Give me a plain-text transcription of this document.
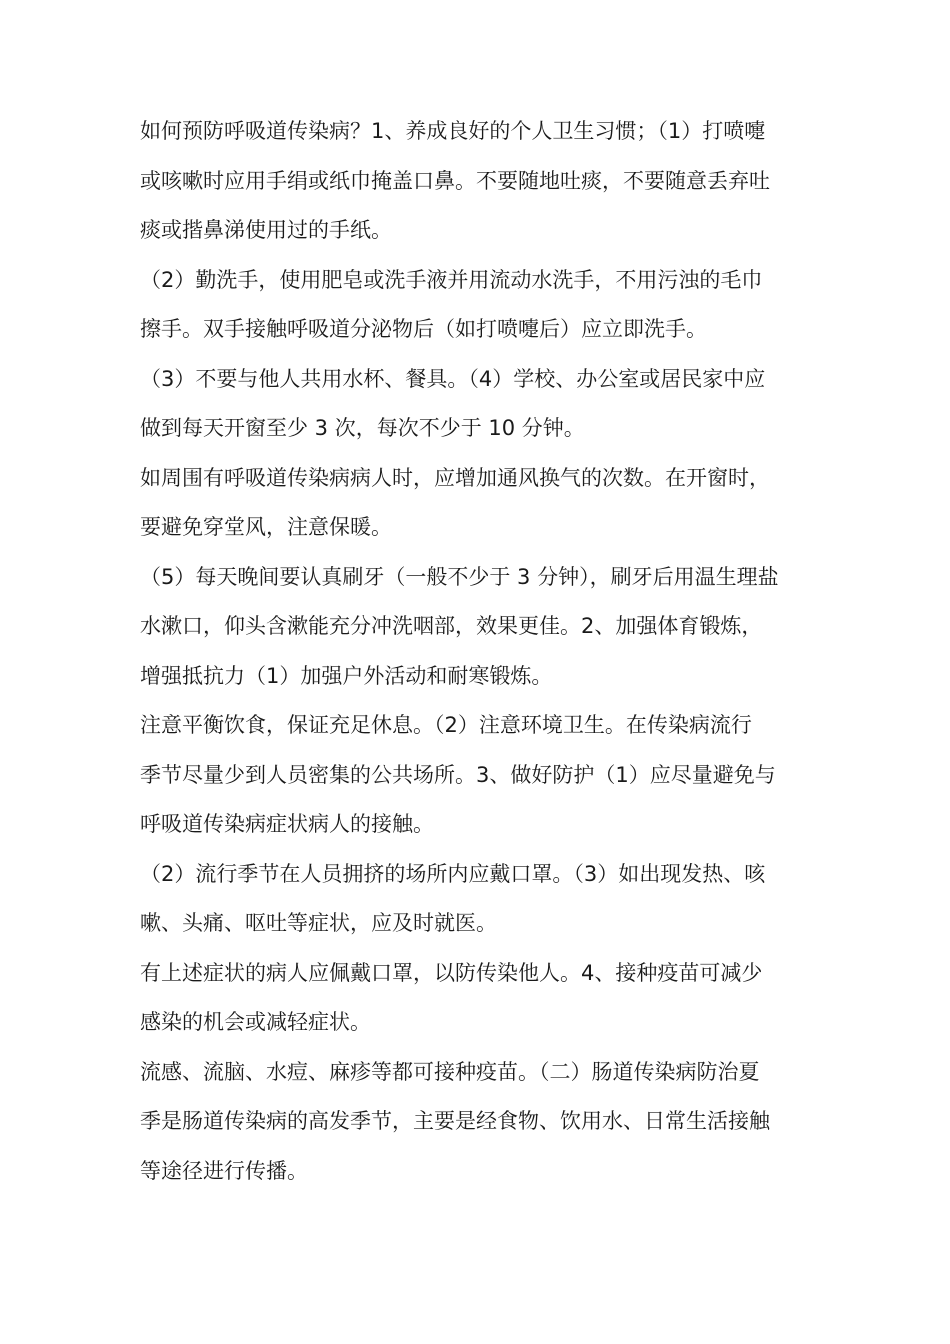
如何预防呼吸道传染病？1、养成良好的个人卫生习惯；（1）打喷嚏
或咳嗽时应用手绢或纸巾掩盖口鼻。不要随地吐痰，不要随意丢弃吐
痰或揩鼻涕使用过的手纸。
（2）勤洗手，使用肥皂或洗手液并用流动水洗手，不用污浊的毛巾
擦手。双手接触呼吸道分泌物后（如打喷嚏后）应立即洗手。
（3）不要与他人共用水杯、餐具。（4）学校、办公室或居民家中应
做到每天开窗至少 3 次，每次不少于 10 分钟。
如周围有呼吸道传染病病人时，应增加通风换气的次数。在开窗时，
要避免穿堂风，注意保暖。
（5）每天晚间要认真刷牙（一般不少于 3 分钟），刷牙后用温生理盐
水漱口，仰头含漱能充分冲洗咽部，效果更佳。2、加强体育锻炼，
增强抵抗力（1）加强户外活动和耐寒锻炼。
注意平衡饮食，保证充足休息。（2）注意环境卫生。在传染病流行
季节尽量少到人员密集的公共场所。3、做好防护（1）应尽量避免与
呼吸道传染病症状病人的接触。
（2）流行季节在人员拥挤的场所内应戴口罩。（3）如出现发热、咳
嗽、头痛、呕吐等症状，应及时就医。
有上述症状的病人应佩戴口罩，以防传染他人。4、接种疫苗可减少
感染的机会或减轻症状。
流感、流脑、水痘、麻疹等都可接种疫苗。（二）肠道传染病防治夏
季是肠道传染病的高发季节，主要是经食物、饮用水、日常生活接触
等途径进行传播。
